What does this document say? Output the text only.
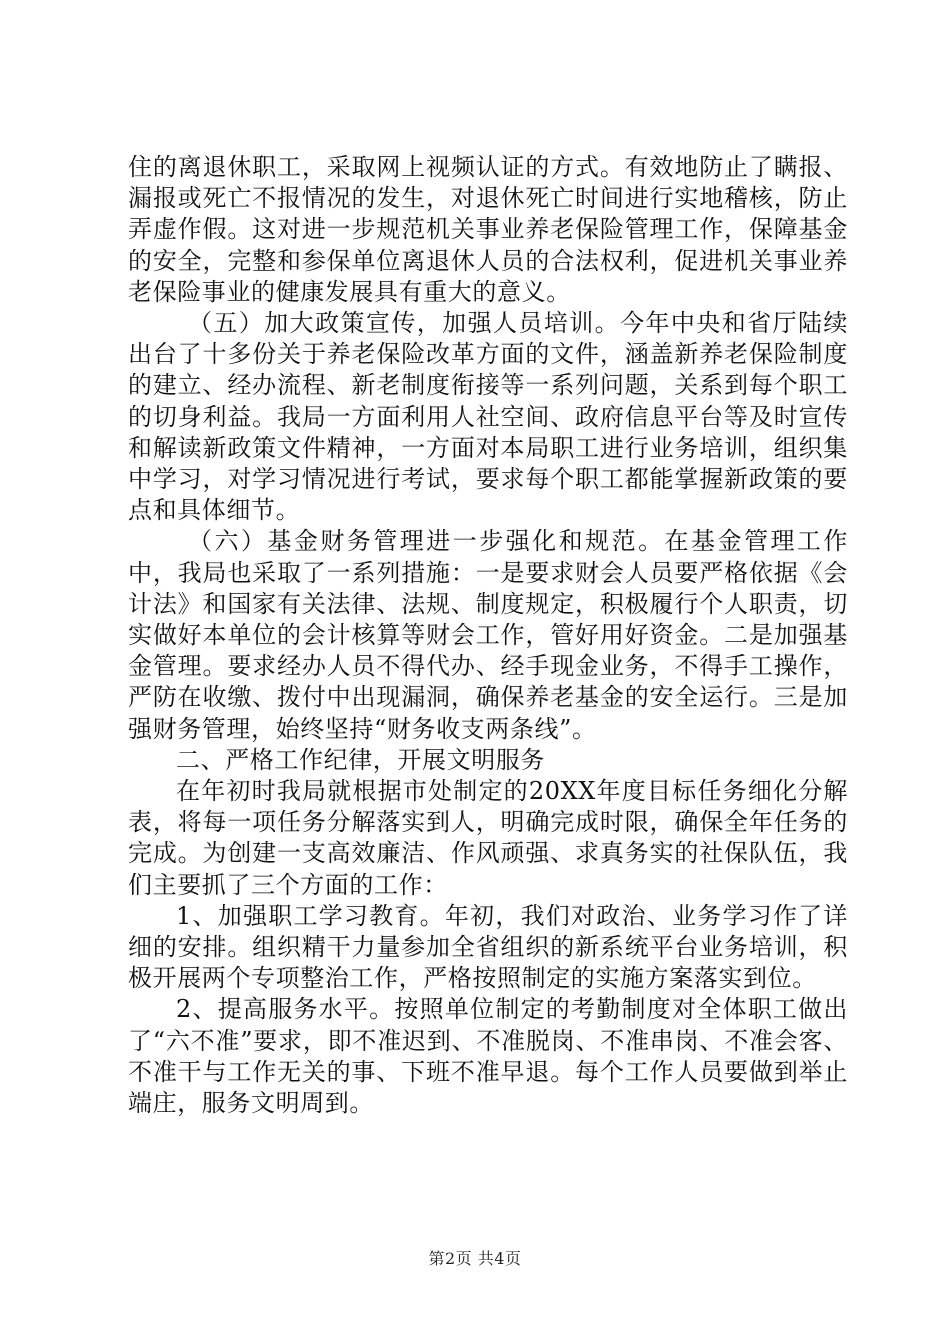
住的离退休职工，采取网上视频认证的方式。有效地防止了瞒报、漏报或死亡不报情况的发生，对退休死亡时间进行实地稽核，防止弄虚作假。这对进一步规范机关事业养老保险管理工作，保障基金的安全，完整和参保单位离退休人员的合法权利，促进机关事业养老保险事业的健康发展具有重大的意义。

（五）加大政策宣传，加强人员培训。今年中央和省厅陆续出台了十多份关于养老保险改革方面的文件，涵盖新养老保险制度的建立、经办流程、新老制度衔接等一系列问题，关系到每个职工的切身利益。我局一方面利用人社空间、政府信息平台等及时宣传和解读新政策文件精神，一方面对本局职工进行业务培训，组织集中学习，对学习情况进行考试，要求每个职工都能掌握新政策的要点和具体细节。

（六）基金财务管理进一步强化和规范。在基金管理工作中，我局也采取了一系列措施：一是要求财会人员要严格依据《会计法》和国家有关法律、法规、制度规定，积极履行个人职责，切实做好本单位的会计核算等财会工作，管好用好资金。二是加强基金管理。要求经办人员不得代办、经手现金业务，不得手工操作，严防在收缴、拨付中出现漏洞，确保养老基金的安全运行。三是加强财务管理，始终坚持“财务收支两条线”。

二、严格工作纪律，开展文明服务

在年初时我局就根据市处制定的20XX年度目标任务细化分解表，将每一项任务分解落实到人，明确完成时限，确保全年任务的完成。为创建一支高效廉洁、作风顽强、求真务实的社保队伍，我们主要抓了三个方面的工作：

1、加强职工学习教育。年初，我们对政治、业务学习作了详细的安排。组织精干力量参加全省组织的新系统平台业务培训，积极开展两个专项整治工作，严格按照制定的实施方案落实到位。

2、提高服务水平。按照单位制定的考勤制度对全体职工做出了“六不准”要求，即不准迟到、不准脱岗、不准串岗、不准会客、不准干与工作无关的事、下班不准早退。每个工作人员要做到举止端庄，服务文明周到。

第2页 共4页
